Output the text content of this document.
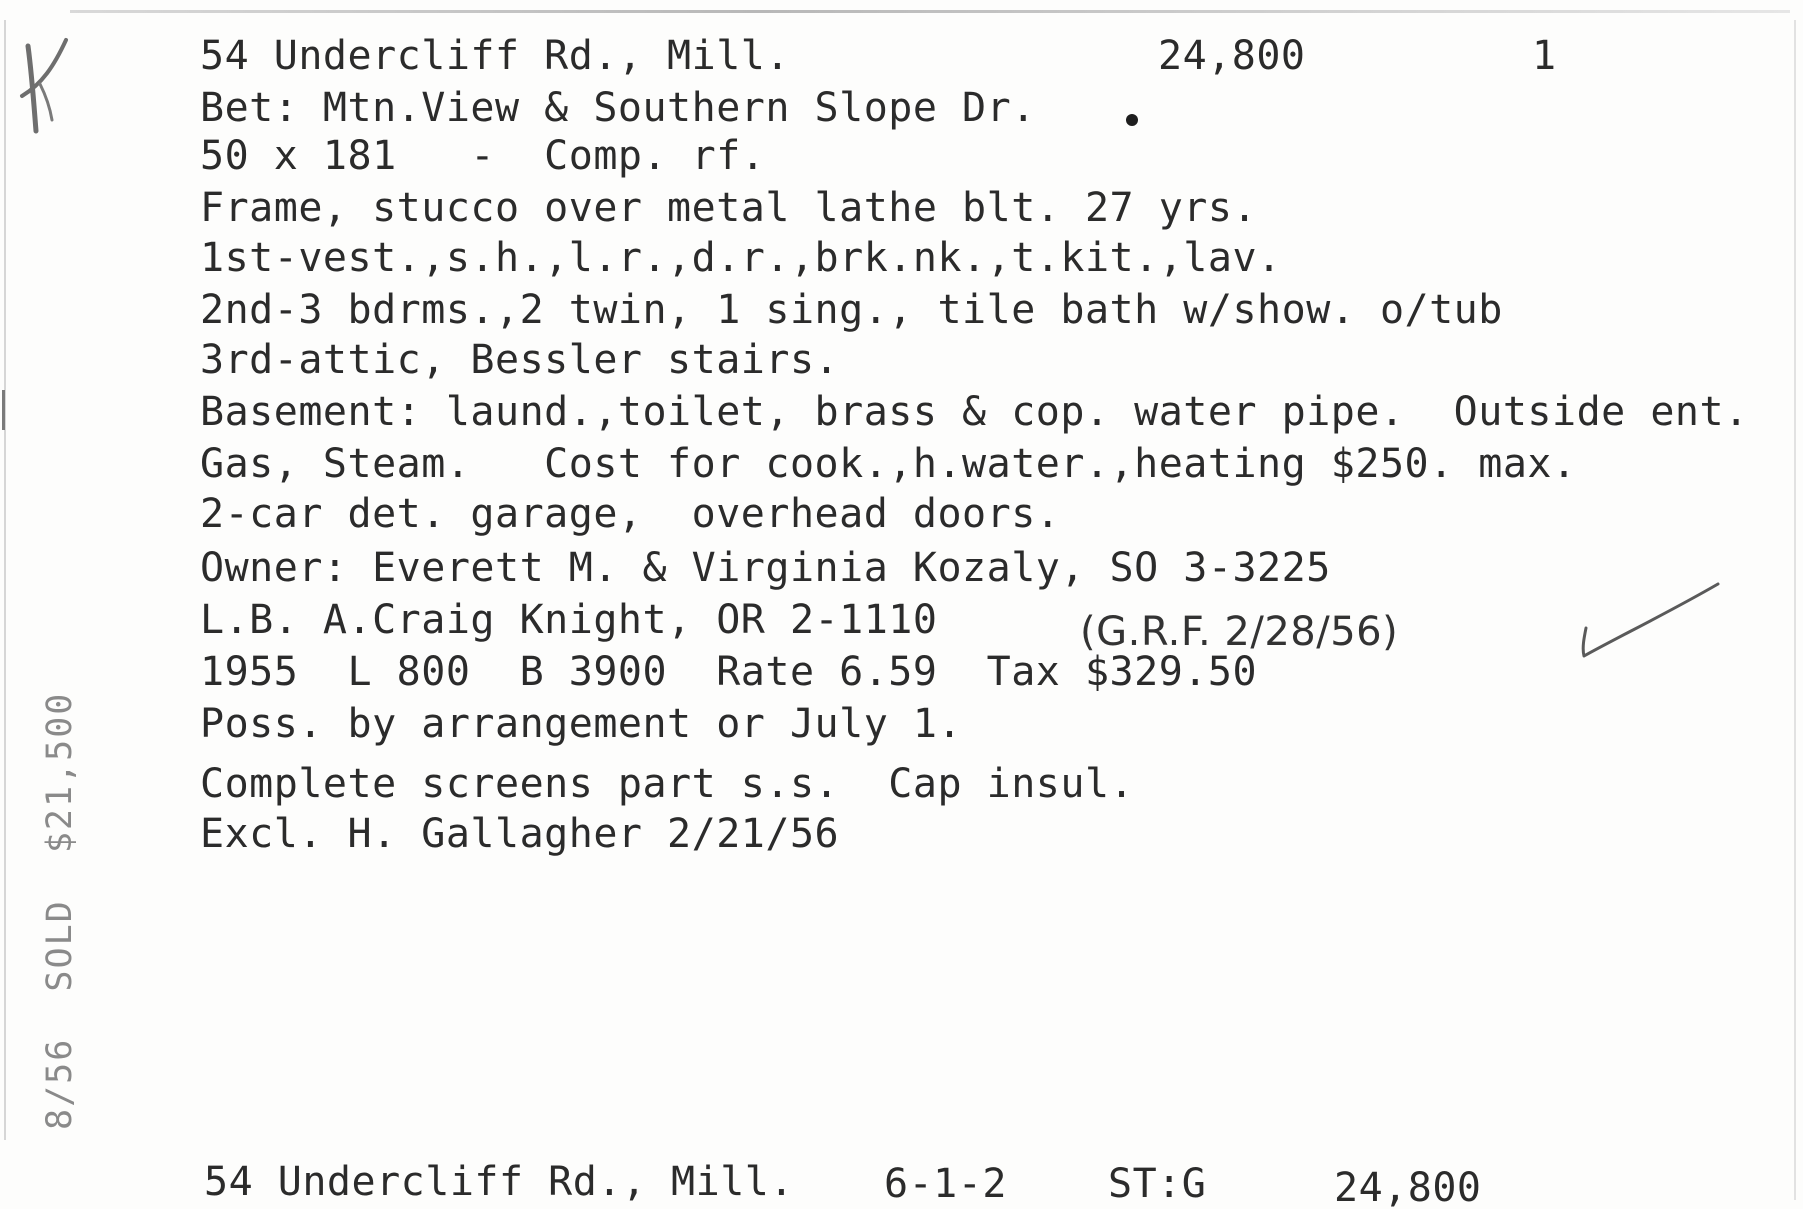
54 Undercliff Rd., Mill.	24,800	1
Bet: Mtn.View & Southern Slope Dr.
50 x 181   -  Comp. rf.
Frame, stucco over metal lathe blt. 27 yrs.
1st-vest.,s.h.,l.r.,d.r.,brk.nk.,t.kit.,lav.
2nd-3 bdrms.,2 twin, 1 sing., tile bath w/show. o/tub
3rd-attic, Bessler stairs.
Basement: laund.,toilet, brass & cop. water pipe.  Outside ent.
Gas, Steam.   Cost for cook.,h.water.,heating $250. max.
2-car det. garage,  overhead doors.
Owner: Everett M. & Virginia Kozaly, SO 3-3225
L.B. A.Craig Knight, OR 2-1110	(G.R.F. 2/28/56)
1955  L 800  B 3900  Rate 6.59  Tax $329.50
Poss. by arrangement or July 1.
Complete screens part s.s.  Cap insul.
Excl. H. Gallagher 2/21/56
8/56  SOLD  $21,500
54 Undercliff Rd., Mill. 6-1-2	ST:G	24,800
